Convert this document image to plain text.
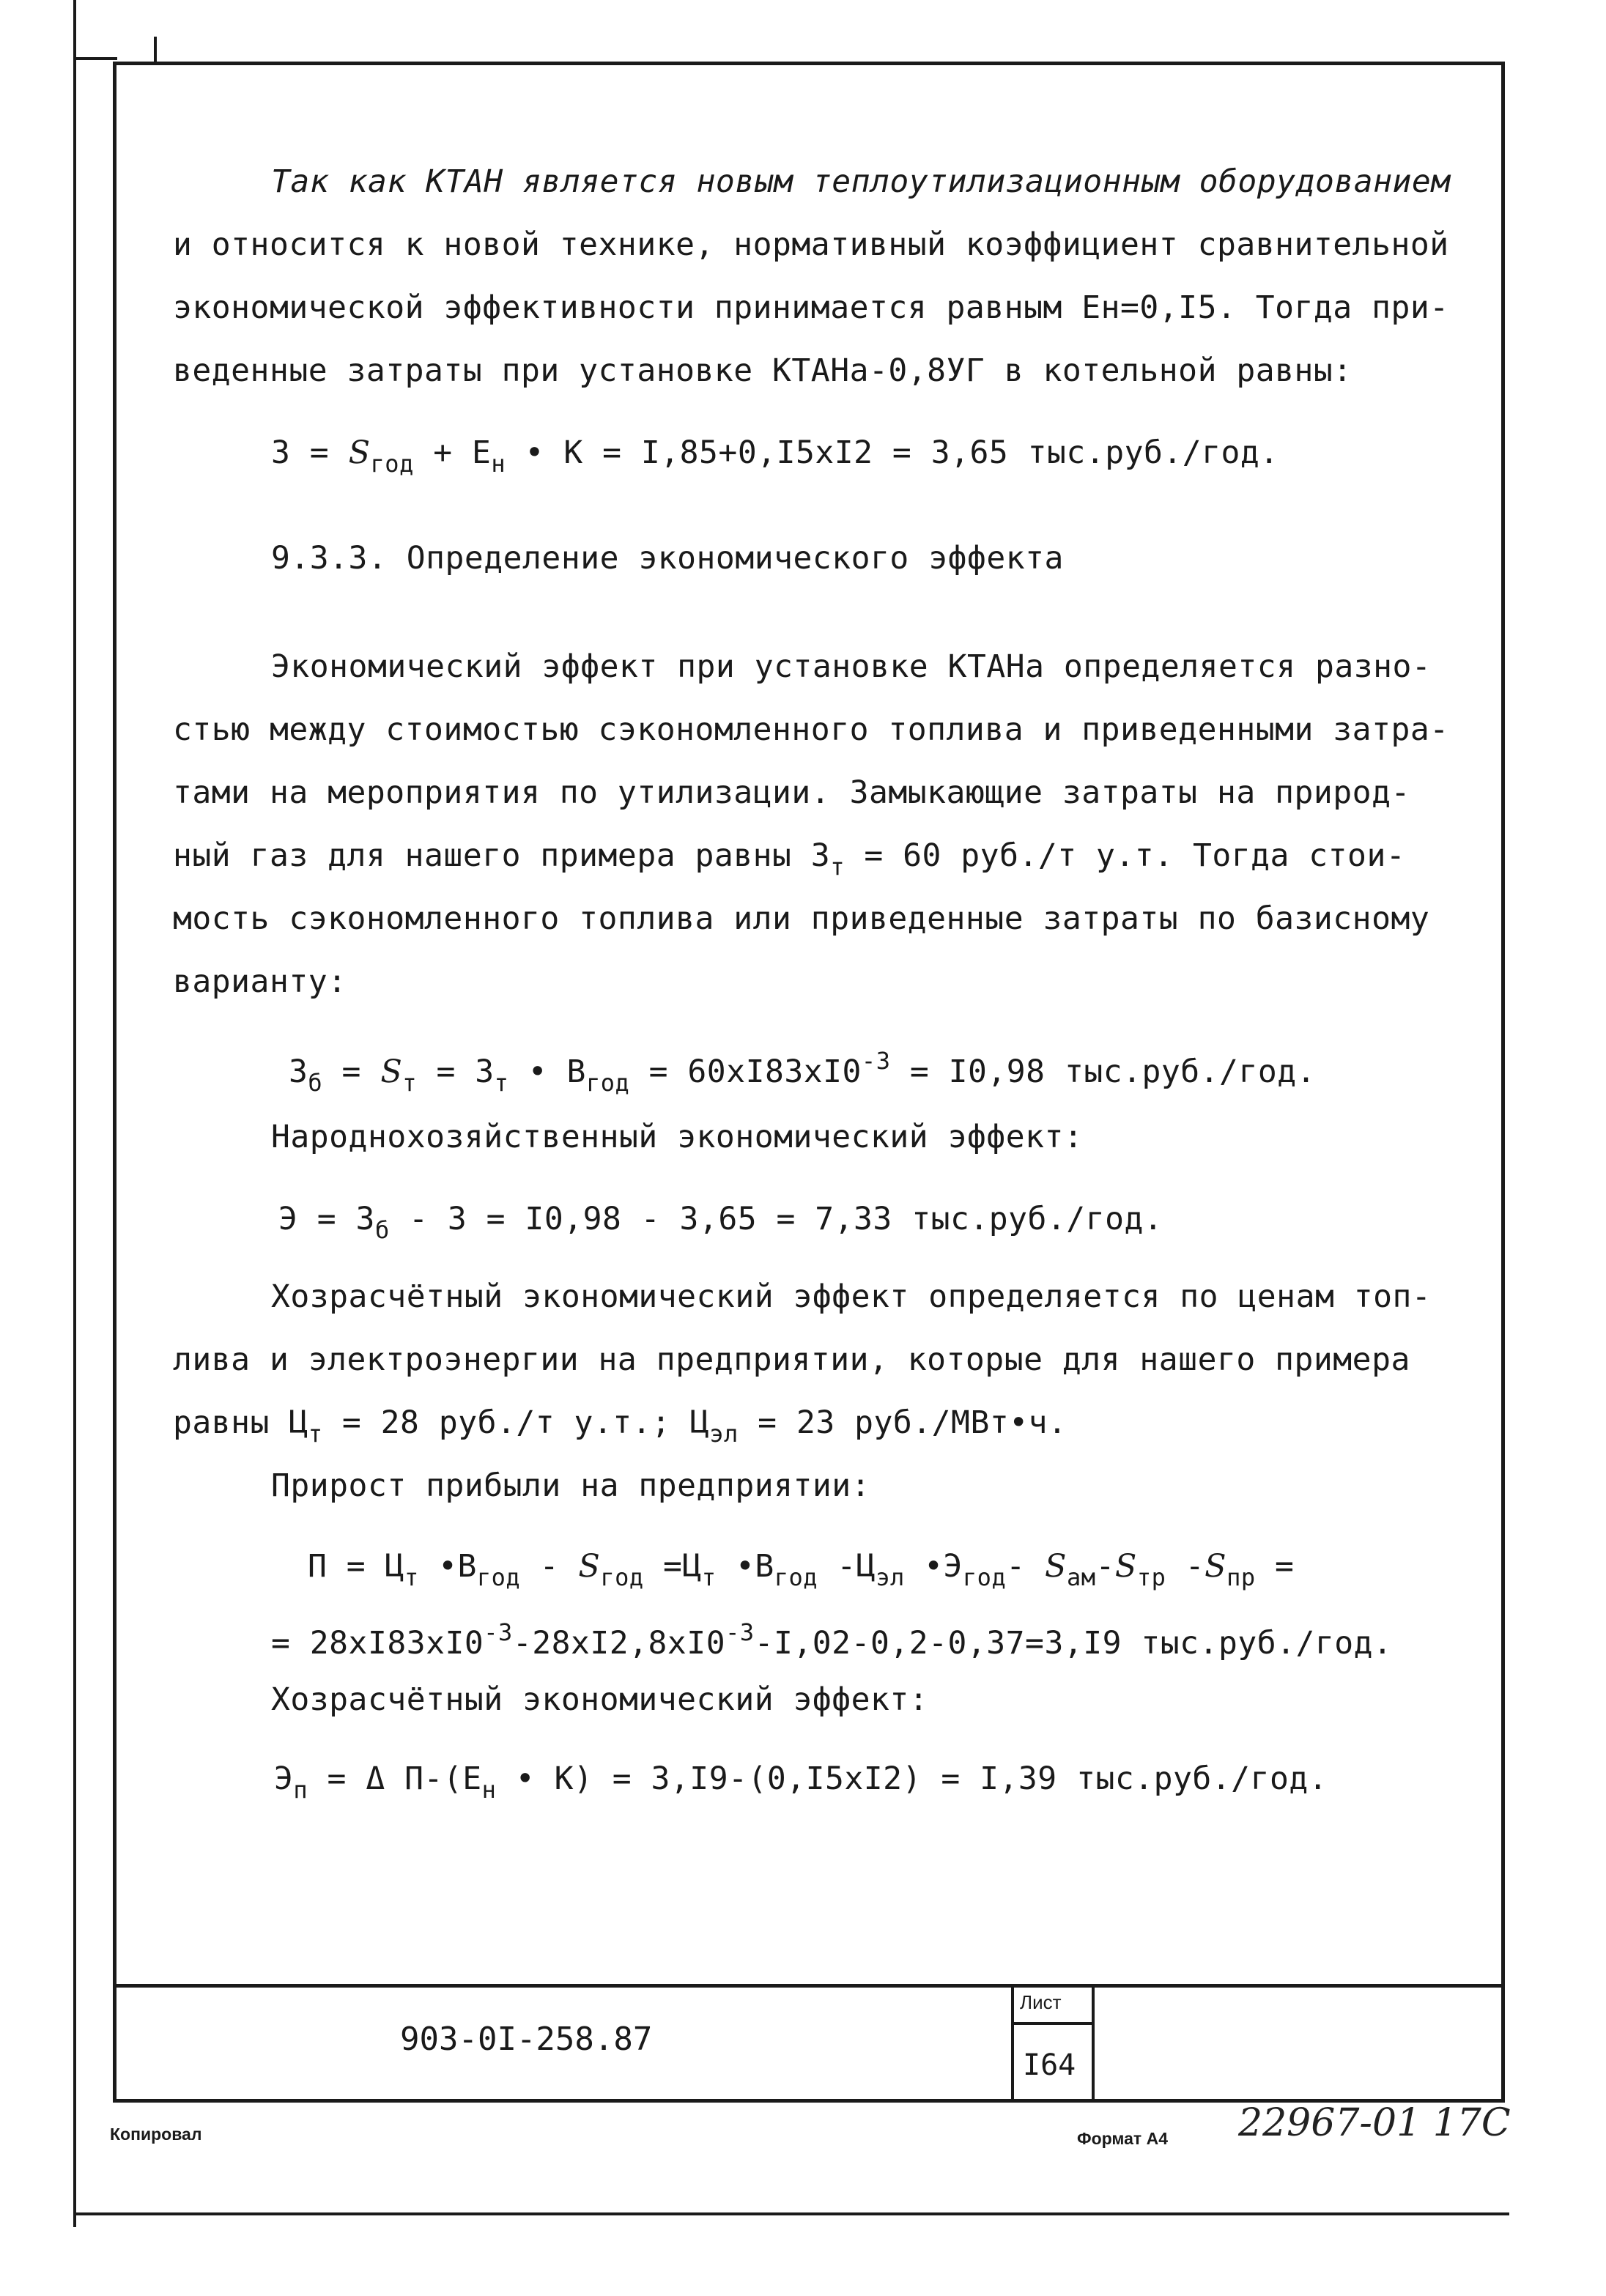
Так как КТАН является новым теплоутилизационным оборудованием
и относится к новой технике, нормативный коэффициент сравнительной
экономической эффективности принимается равным Eн=0,I5. Тогда при-
веденные затраты при установке КТАНа-0,8УГ в котельной равны:
$З = S_{год} + Е_н$ • К = I,85+0,I5xI2 = 3,65 тыс.руб./год.
9.3.3. Определение экономического эффекта
Экономический эффект при установке КТАНа определяется разно-
стью между стоимостью сэкономленного топлива и приведенными затра-
тами на мероприятия по утилизации. Замыкающие затраты на природ-
ный газ для нашего примера равны $З_т = 60$ руб./т у.т. Тогда стои-
мость сэкономленного топлива или приведенные затраты по базисному
варианту:
$З_б = S_т = З_т$ • $В_{год} = 60xI83xI0^{-3} = I0,98$ тыс.руб./год.
Народнохозяйственный экономический эффект:
$Э = З_б - З = I0,98 - 3,65 = 7,33$ тыс.руб./год.
Хозрасчётный экономический эффект определяется по ценам топ-
лива и электроэнергии на предприятии, которые для нашего примера
равны $Ц_т = 28$ руб./т у.т.; $Ц_{эл} = 23$ руб./МВт•ч.
Прирост прибыли на предприятии:
$П = Ц_т$ $•В_{год} - S_{год} =Ц_т$ $•В_{год}$ $-Ц_{эл}$ $•Э_{год}-$ $S_{ам}-S_{тр}$ $-S_{пр}$ =
= $28xI83xI0^{-3}-28xI2,8xI0^{-3}-I,02-0,2-0,37=3,I9$ тыс.руб./год.
Хозрасчётный экономический эффект:
$Э_п = \Delta$ $П-(Е_н$ • К) = 3,I9-(0,I5xI2) = I,39 тыс.руб./год.
903-0I-258.87
Лист
I64
Копировал	Формат А4 22967-01 17С
